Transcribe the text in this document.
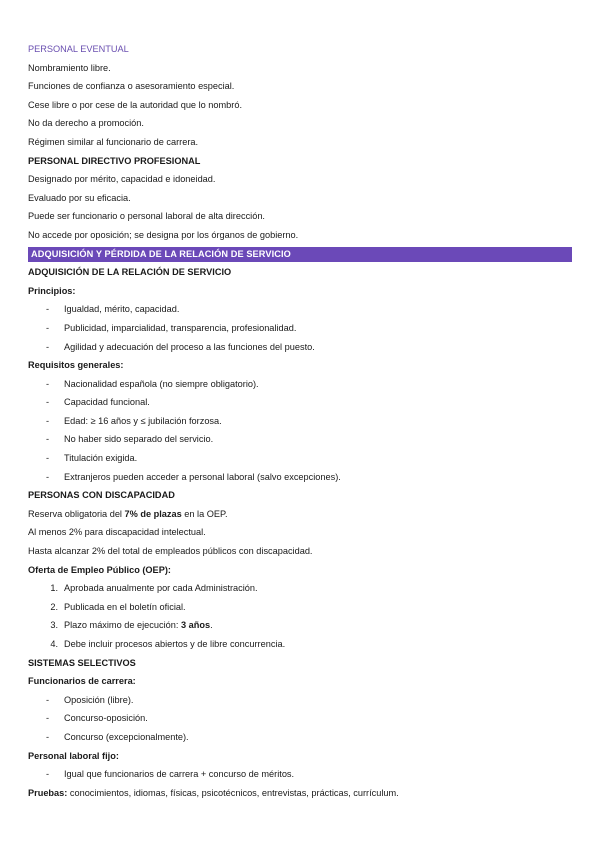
PERSONAL EVENTUAL
Nombramiento libre.
Funciones de confianza o asesoramiento especial.
Cese libre o por cese de la autoridad que lo nombró.
No da derecho a promoción.
Régimen similar al funcionario de carrera.
PERSONAL DIRECTIVO PROFESIONAL
Designado por mérito, capacidad e idoneidad.
Evaluado por su eficacia.
Puede ser funcionario o personal laboral de alta dirección.
No accede por oposición; se designa por los órganos de gobierno.
ADQUISICIÓN Y PÉRDIDA DE LA RELACIÓN DE SERVICIO
ADQUISICIÓN DE LA RELACIÓN DE SERVICIO
Principios:
-	Igualdad, mérito, capacidad.
-	Publicidad, imparcialidad, transparencia, profesionalidad.
-	Agilidad y adecuación del proceso a las funciones del puesto.
Requisitos generales:
-	Nacionalidad española (no siempre obligatorio).
-	Capacidad funcional.
-	Edad: ≥ 16 años y ≤ jubilación forzosa.
-	No haber sido separado del servicio.
-	Titulación exigida.
-	Extranjeros pueden acceder a personal laboral (salvo excepciones).
PERSONAS CON DISCAPACIDAD
Reserva obligatoria del 7% de plazas en la OEP.
Al menos 2% para discapacidad intelectual.
Hasta alcanzar 2% del total de empleados públicos con discapacidad.
Oferta de Empleo Público (OEP):
1. Aprobada anualmente por cada Administración.
2. Publicada en el boletín oficial.
3. Plazo máximo de ejecución: 3 años.
4. Debe incluir procesos abiertos y de libre concurrencia.
SISTEMAS SELECTIVOS
Funcionarios de carrera:
-	Oposición (libre).
-	Concurso-oposición.
-	Concurso (excepcionalmente).
Personal laboral fijo:
-	Igual que funcionarios de carrera + concurso de méritos.
Pruebas: conocimientos, idiomas, físicas, psicotécnicos, entrevistas, prácticas, currículum.
